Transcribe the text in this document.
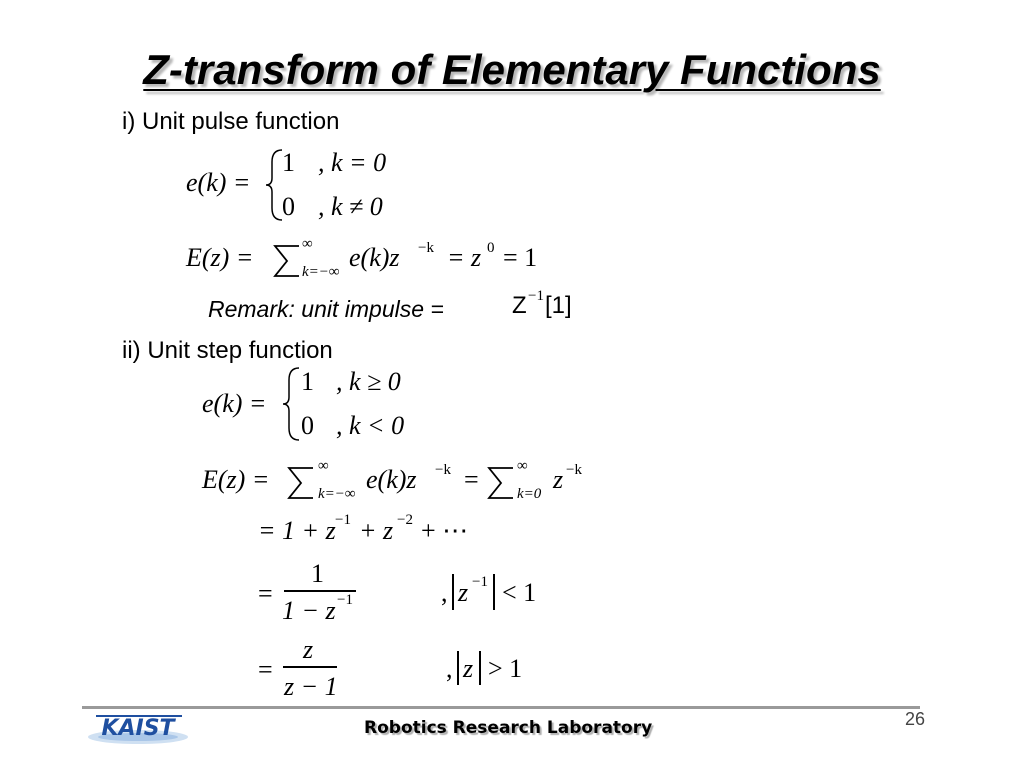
Z-transform of Elementary Functions
i) Unit pulse function
e(k) =
1 , k = 0
0 , k ≠ 0
E(z) =	∞
k=−∞ e(k)z −k = z 0 = 1
Remark: unit impulse =	Z −1 [1]
ii) Unit step function
e(k) =
1 , k ≥ 0
0 , k < 0
E(z) =	∞
k=−∞ e(k)z −k =	∞
k=0 z −k
= 1 + z −1 + z −2 + ⋯
=
1
1 − z −1	, z −1 < 1
=
z
z − 1
, z > 1
26
KAIST	Robotics Research Laboratory
